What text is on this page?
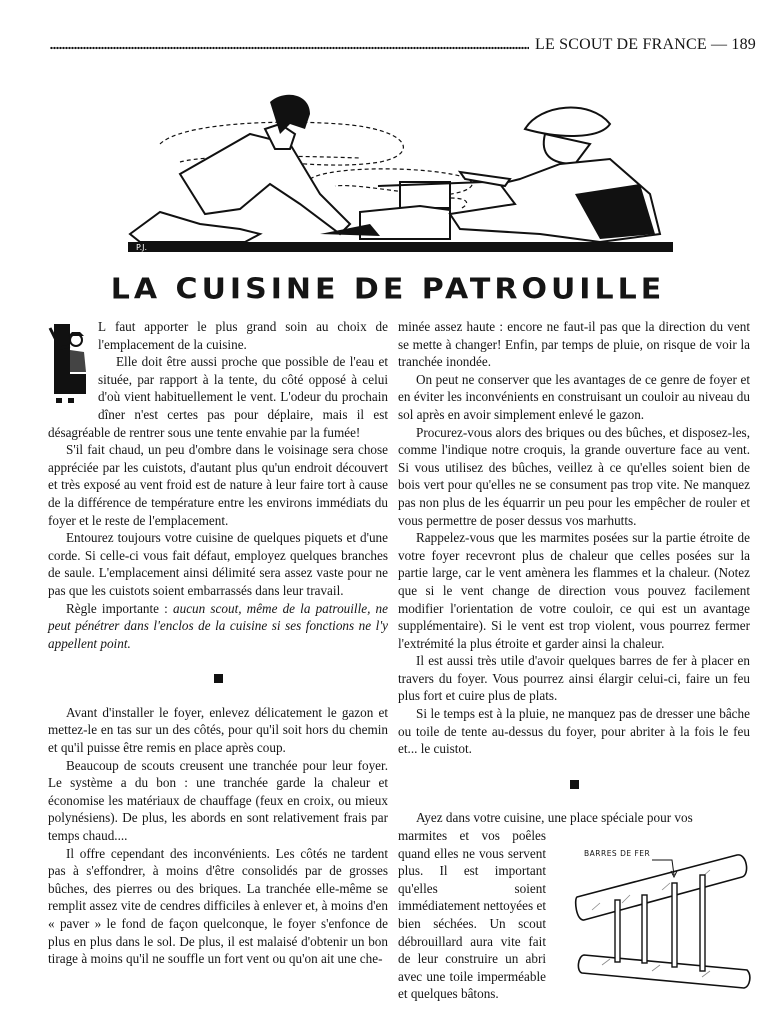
LE SCOUT DE FRANCE — 189
P.J.
LA CUISINE DE PATROUILLE

L faut apporter le plus grand soin au choix de l'emplacement de la cuisine.

Elle doit être aussi proche que possible de l'eau et située, par rapport à la tente, du côté opposé à celui d'où vient habituellement le vent. L'odeur du prochain dîner n'est certes pas pour déplaire, mais il est désagréable de rentrer sous une tente envahie par la fumée!

S'il fait chaud, un peu d'ombre dans le voisinage sera chose appréciée par les cuistots, d'autant plus qu'un endroit découvert et très exposé au vent froid est de nature à leur faire tort à cause de la différence de température entre les environs immédiats du foyer et le reste de l'emplacement.

Entourez toujours votre cuisine de quelques piquets et d'une corde. Si celle-ci vous fait défaut, employez quelques branches de saule. L'emplacement ainsi délimité sera assez vaste pour ne pas que les cuistots soient embarrassés dans leur travail.

Règle importante : aucun scout, même de la patrouille, ne peut pénétrer dans l'enclos de la cuisine si ses fonctions ne l'y appellent point.

Avant d'installer le foyer, enlevez délicatement le gazon et mettez-le en tas sur un des côtés, pour qu'il soit hors du chemin et qu'il puisse être remis en place après coup.

Beaucoup de scouts creusent une tranchée pour leur foyer. Le système a du bon : une tranchée garde la chaleur et économise les matériaux de chauffage (feux en croix, ou mieux polynésiens). De plus, les abords en sont relativement frais par temps chaud....

Il offre cependant des inconvénients. Les côtés ne tardent pas à s'effondrer, à moins d'être consolidés par de grosses bûches, des pierres ou des briques. La tranchée elle-même se remplit assez vite de cendres difficiles à enlever et, à moins d'en « paver » le fond de façon quelconque, le foyer s'enfonce de plus en plus dans le sol. De plus, il est malaisé d'obtenir un bon tirage à moins qu'il ne souffle un fort vent ou qu'on ait une che-

minée assez haute : encore ne faut-il pas que la direction du vent se mette à changer! Enfin, par temps de pluie, on risque de voir la tranchée inondée.

On peut ne conserver que les avantages de ce genre de foyer et en éviter les inconvénients en construisant un couloir au niveau du sol après en avoir simplement enlevé le gazon.

Procurez-vous alors des briques ou des bûches, et disposez-les, comme l'indique notre croquis, la grande ouverture face au vent. Si vous utilisez des bûches, veillez à ce qu'elles soient bien de bois vert pour qu'elles ne se consument pas trop vite. Ne manquez pas non plus de les équarrir un peu pour les empêcher de rouler et vous permettre de poser dessus vos marhutts.

Rappelez-vous que les marmites posées sur la partie étroite de votre foyer recevront plus de chaleur que celles posées sur la partie large, car le vent amènera les flammes et la chaleur. (Notez que si le vent change de direction vous pouvez facilement modifier l'orientation de votre couloir, ce qui est un avantage supplémentaire). Si le vent est trop violent, vous pourrez fermer l'extrémité la plus étroite et garder ainsi la chaleur.

Il est aussi très utile d'avoir quelques barres de fer à placer en travers du foyer. Vous pourrez ainsi élargir celui-ci, faire un feu plus fort et cuire plus de plats.

Si le temps est à la pluie, ne manquez pas de dresser une bâche ou toile de tente au-dessus du foyer, pour abriter à la fois le feu et... le cuistot.

Ayez dans votre cuisine, une place spéciale pour vos

marmites et vos poêles quand elles ne vous servent plus. Il est important qu'elles soient immédiatement nettoyées et bien séchées. Un scout débrouillard aura vite fait de leur construire un abri avec une toile imperméable et quelques bâtons.

BARRES DE FER
